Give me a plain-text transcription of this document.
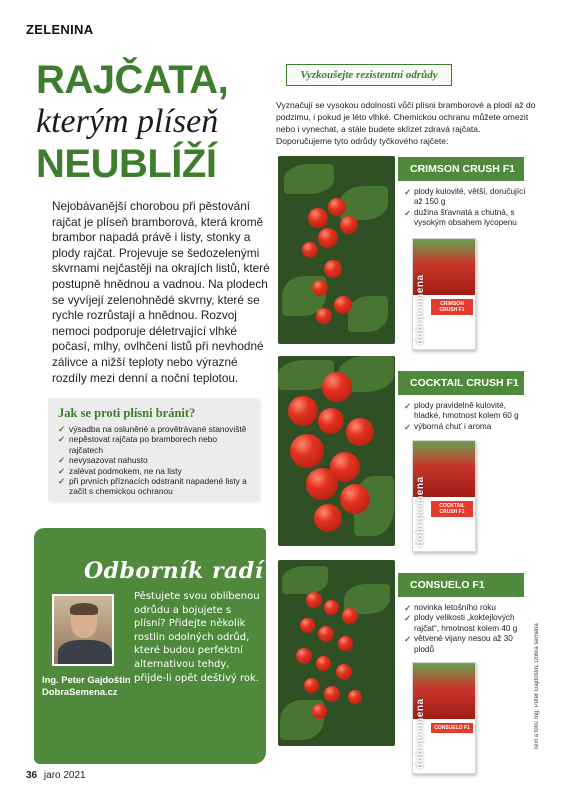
ZELENINA
RAJČATA,
kterým plíseň
NEUBLÍŽÍ

Nejobávanější chorobou při pěstování rajčat je plíseň bramborová, která kromě brambor napadá právě i listy, stonky a plody rajčat. Projevuje se šedozelenými skvrnami nejčastěji na okrajích listů, které postupně hnědnou a vadnou. Na plodech se vyvíjejí zelenohnědé skvrny, které se rychle rozrůstají a hnědnou. Rozvoj nemoci podporuje déletrvající vlhké počasí, mlhy, ovlhčení listů při nevhodné zálivce a nižší teploty nebo výrazné rozdíly mezi denní a noční teplotou.

Jak se proti plísni bránit?
✓ výsadba na osluněné a provětrávané stanoviště
✓ nepěstovat rajčata po bramborech nebo rajčatech
✓ nevysazovat nahusto
✓ zalévat podmokem, ne na listy
✓ při prvních příznacích odstranit napadené listy a začít s chemickou ochranou
Odborník radí
Ing. Peter Gajdoštin
DobraSemena.cz
Pěstujete svou oblíbenou odrůdu a bojujete s plísní? Přidejte několik rostlin odolných odrůd, které budou perfektní alternativou tehdy, přijde-li opět deštivý rok.
36 jaro 2021
Vyzkoušejte rezistentní odrůdy

Vyznačují se vysokou odolností vůči plísni bramborové a plodí až do podzimu, i pokud je léto vlhké. Chemickou ochranu můžete omezit nebo i vynechat, a stále budete sklízet zdravá rajčata. Doporučujeme tyto odrůdy tyčkového rajčete:

CRIMSON CRUSH F1
✓ plody kulovité, větší, doručující až 150 g
✓ dužina šťavnatá a chutná, s vysokým obsahem lycopenu
dobrasemena	CRIMSON CRUSH F1
COCKTAIL CRUSH F1
✓ plody pravidelně kulovité, hladké, hmotnost kolem 60 g
✓ výborná chuť i aroma
dobrasemena	COCKTAIL CRUSH F1
CONSUELO F1
✓ novinka letošního roku
✓ plody velikosti „koktejlových rajčat“, hmotnost kolem 40 g
✓ větvené vijany nesou až 30 plodů
dobrasemena	CONSUELO F1	Text a foto: Ing. Peter Gajdoštin, Dobrá semena
